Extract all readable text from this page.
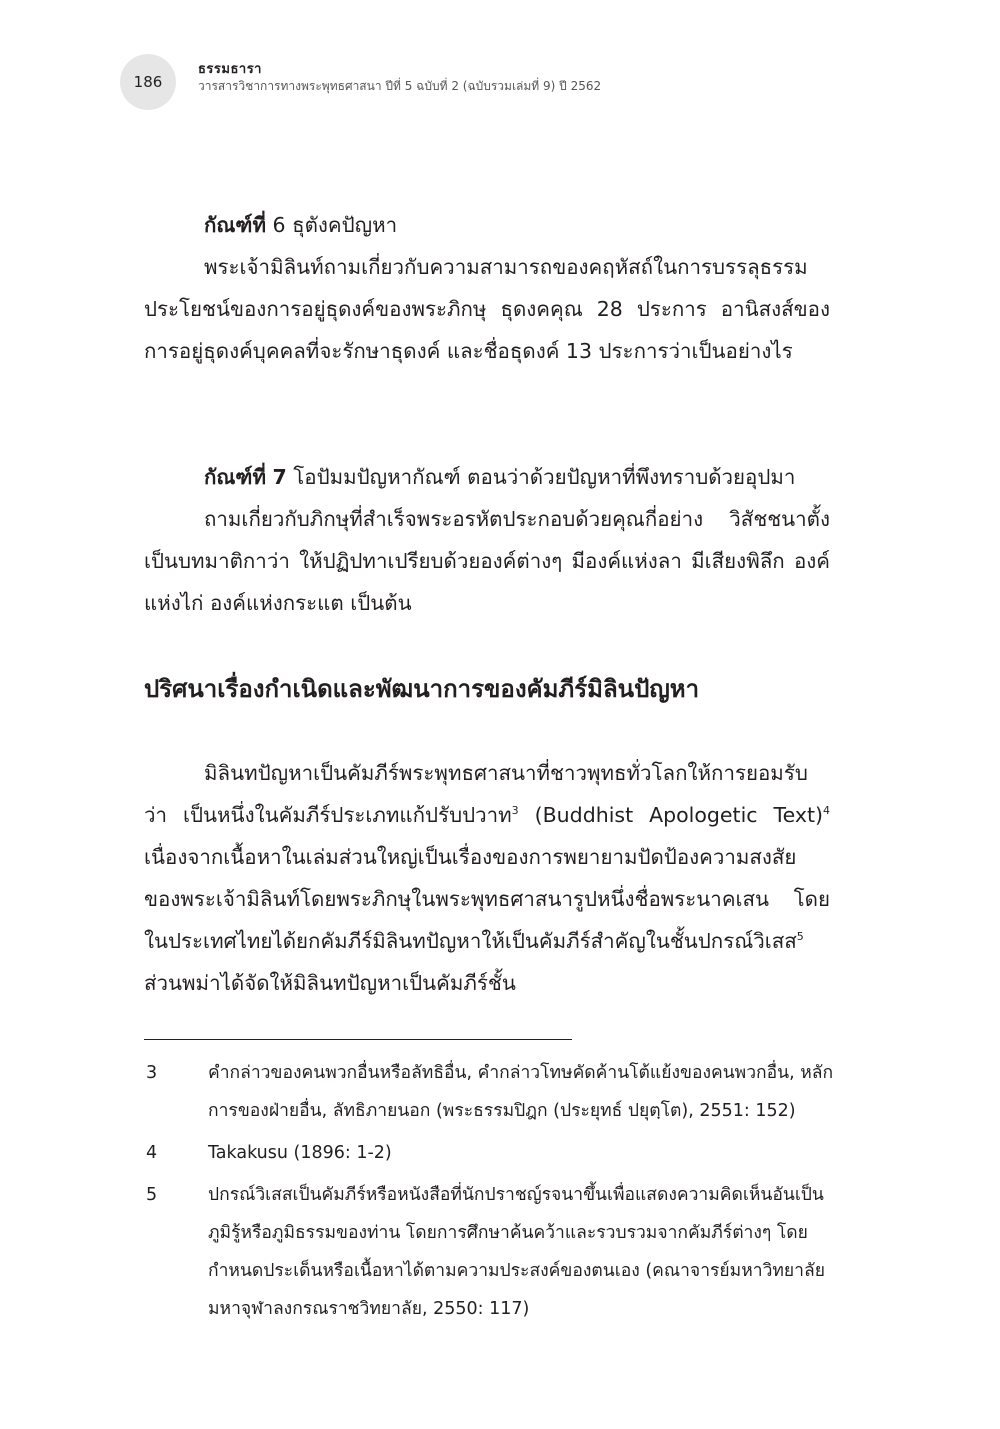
186
ธรรมธารา
วารสารวิชาการทางพระพุทธศาสนา ปีที่ 5 ฉบับที่ 2 (ฉบับรวมเล่มที่ 9) ปี 2562

กัณฑ์ที่ 6 ธุตังคปัญหา

พระเจ้ามิลินท์ถามเกี่ยวกับความสามารถของคฤหัสถ์ในการบรรลุธรรม ประโยชน์ของการอยู่ธุดงค์ของพระภิกษุ ธุดงคคุณ 28 ประการ อานิสงส์ของการอยู่ธุดงค์บุคคลที่จะรักษาธุดงค์ และชื่อธุดงค์ 13 ประการว่าเป็นอย่างไร

กัณฑ์ที่ 7 โอปัมมปัญหากัณฑ์ ตอนว่าด้วยปัญหาที่พึงทราบด้วยอุปมา

ถามเกี่ยวกับภิกษุที่สำเร็จพระอรหัตประกอบด้วยคุณกี่อย่าง วิสัชชนาตั้งเป็นบทมาติกาว่า ให้ปฏิปทาเปรียบด้วยองค์ต่างๆ มีองค์แห่งลา มีเสียงพิลึก องค์แห่งไก่ องค์แห่งกระแต เป็นต้น

ปริศนาเรื่องกำเนิดและพัฒนาการของคัมภีร์มิลินปัญหา

มิลินทปัญหาเป็นคัมภีร์พระพุทธศาสนาที่ชาวพุทธทั่วโลกให้การยอมรับว่า เป็นหนึ่งในคัมภีร์ประเภทแก้ปรับปวาท$^3$ (Buddhist Apologetic Text)$^4$ เนื่องจากเนื้อหาในเล่มส่วนใหญ่เป็นเรื่องของการพยายามปัดป้องความสงสัยของพระเจ้ามิลินท์โดยพระภิกษุในพระพุทธศาสนารูปหนึ่งชื่อพระนาคเสน โดยในประเทศไทยได้ยกคัมภีร์มิลินทปัญหาให้เป็นคัมภีร์สำคัญในชั้นปกรณ์วิเสส$^5$ ส่วนพม่าได้จัดให้มิลินทปัญหาเป็นคัมภีร์ชั้น

3	คำกล่าวของคนพวกอื่นหรือลัทธิอื่น, คำกล่าวโทษคัดค้านโต้แย้งของคนพวกอื่น, หลักการของฝ่ายอื่น, ลัทธิภายนอก (พระธรรมปิฎก (ประยุทธ์ ปยุตฺโต), 2551: 152)
4	Takakusu (1896: 1-2)
5	ปกรณ์วิเสสเป็นคัมภีร์หรือหนังสือที่นักปราชญ์รจนาขึ้นเพื่อแสดงความคิดเห็นอันเป็นภูมิรู้หรือภูมิธรรมของท่าน โดยการศึกษาค้นคว้าและรวบรวมจากคัมภีร์ต่างๆ โดยกำหนดประเด็นหรือเนื้อหาได้ตามความประสงค์ของตนเอง (คณาจารย์มหาวิทยาลัยมหาจุฬาลงกรณราชวิทยาลัย, 2550: 117)
